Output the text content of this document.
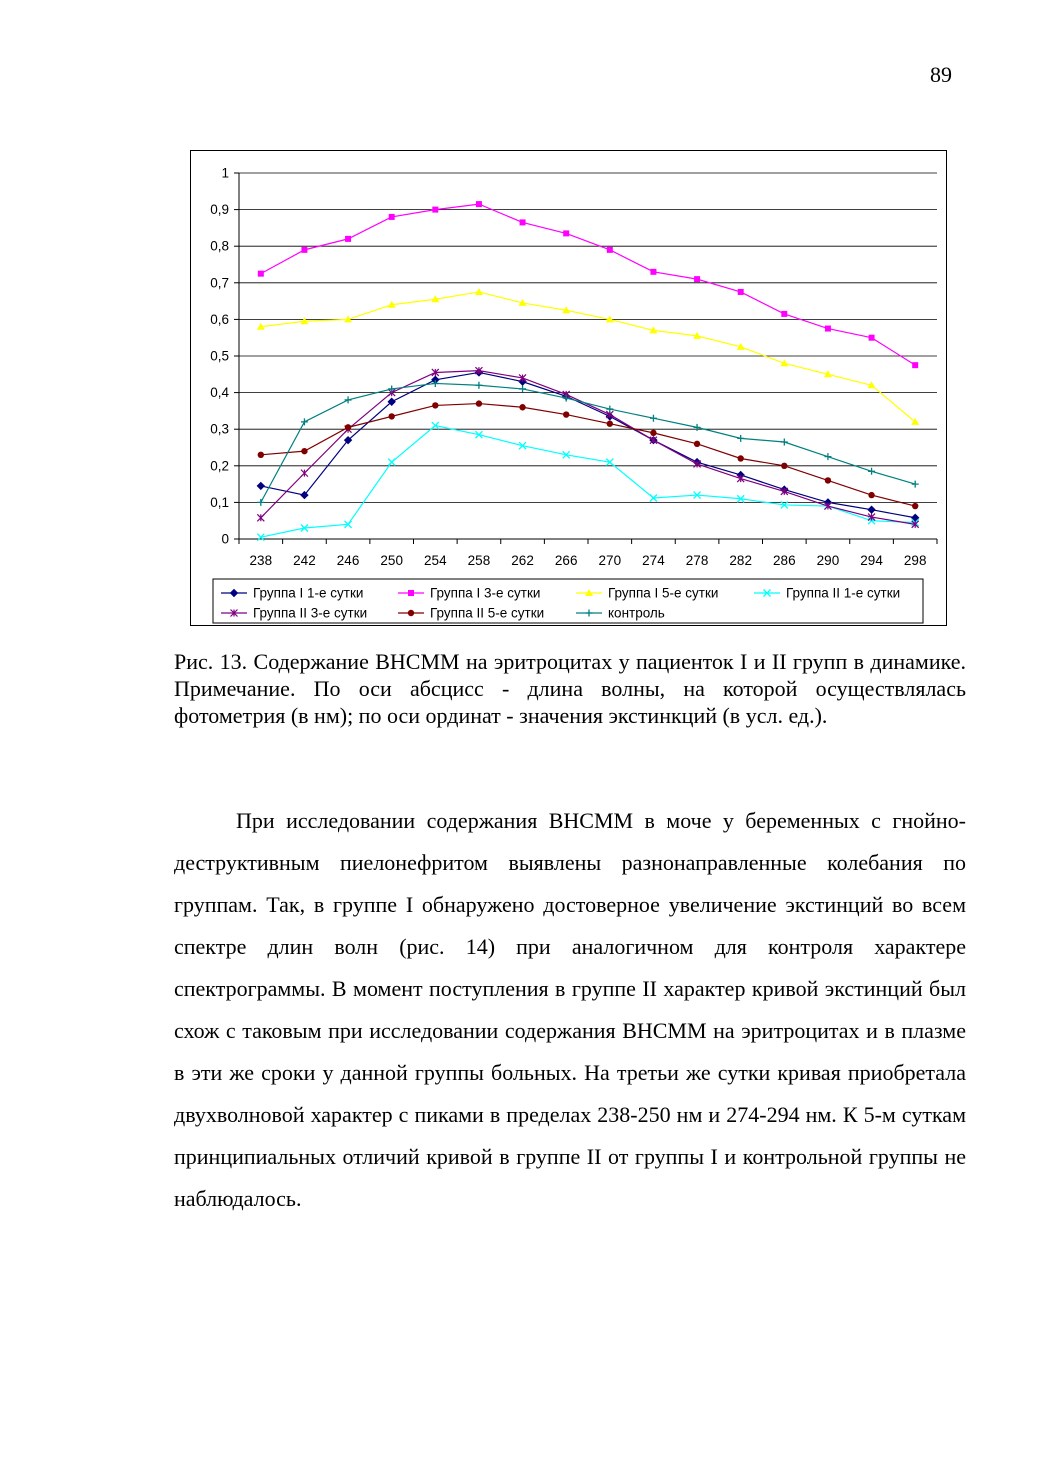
89
0
0,1
0,2
0,3
0,4
0,5
0,6
0,7
0,8
0,9
1
238 242 246 250 254 258 262 266 270 274 278 282 286 290 294 298
Группа I 1-е сутки	Группа I 3-е сутки	Группа I 5-е сутки	Группа II 1-е сутки
Группа II 3-е сутки	Группа II 5-е сутки	контроль

Рис. 13. Содержание ВНСММ на эритроцитах у пациенток I и II групп в динамике. Примечание. По оси абсцисс - длина волны, на которой осуществлялась фотометрия (в нм); по оси ординат - значения экстинкций (в усл. ед.).

При исследовании содержания ВНСММ в моче у беременных с гнойно-деструктивным пиелонефритом выявлены разнонаправленные колебания по группам. Так, в группе I обнаружено достоверное увеличение экстинций во всем спектре длин волн (рис. 14) при аналогичном для контроля характере спектрограммы. В момент поступления в группе II характер кривой экстинций был схож с таковым при исследовании содержания ВНСММ на эритроцитах и в плазме в эти же сроки у данной группы больных. На третьи же сутки кривая приобретала двухволновой характер с пиками в пределах 238-250 нм и 274-294 нм. К 5-м суткам принципиальных отличий кривой в группе II от группы I и контрольной группы не наблюдалось.
